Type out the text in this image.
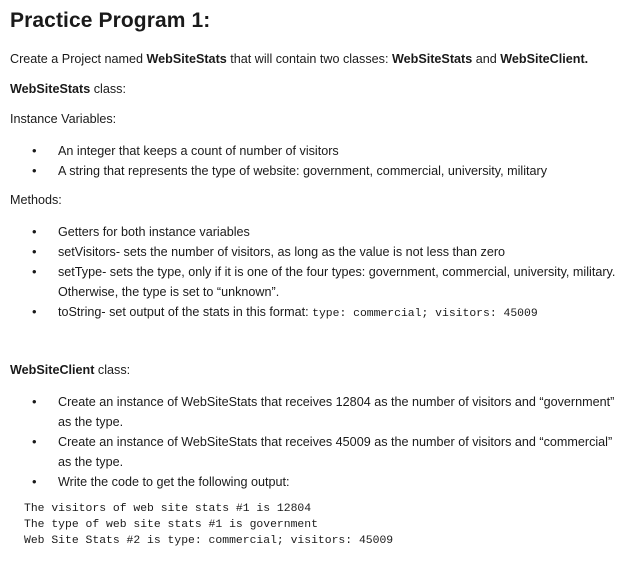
Practice Program 1:
Create a Project named WebSiteStats that will contain two classes: WebSiteStats and WebSiteClient.
WebSiteStats class:
Instance Variables:
• An integer that keeps a count of number of visitors
• A string that represents the type of website: government, commercial, university, military
Methods:
• Getters for both instance variables
• setVisitors- sets the number of visitors, as long as the value is not less than zero
• setType- sets the type, only if it is one of the four types: government, commercial, university, military. Otherwise, the type is set to “unknown”.
• toString- set output of the stats in this format: type: commercial; visitors: 45009
WebSiteClient class:
• Create an instance of WebSiteStats that receives 12804 as the number of visitors and “government” as the type.
• Create an instance of WebSiteStats that receives 45009 as the number of visitors and “commercial” as the type.
• Write the code to get the following output:
The visitors of web site stats #1 is 12804
The type of web site stats #1 is government
Web Site Stats #2 is type: commercial; visitors: 45009
